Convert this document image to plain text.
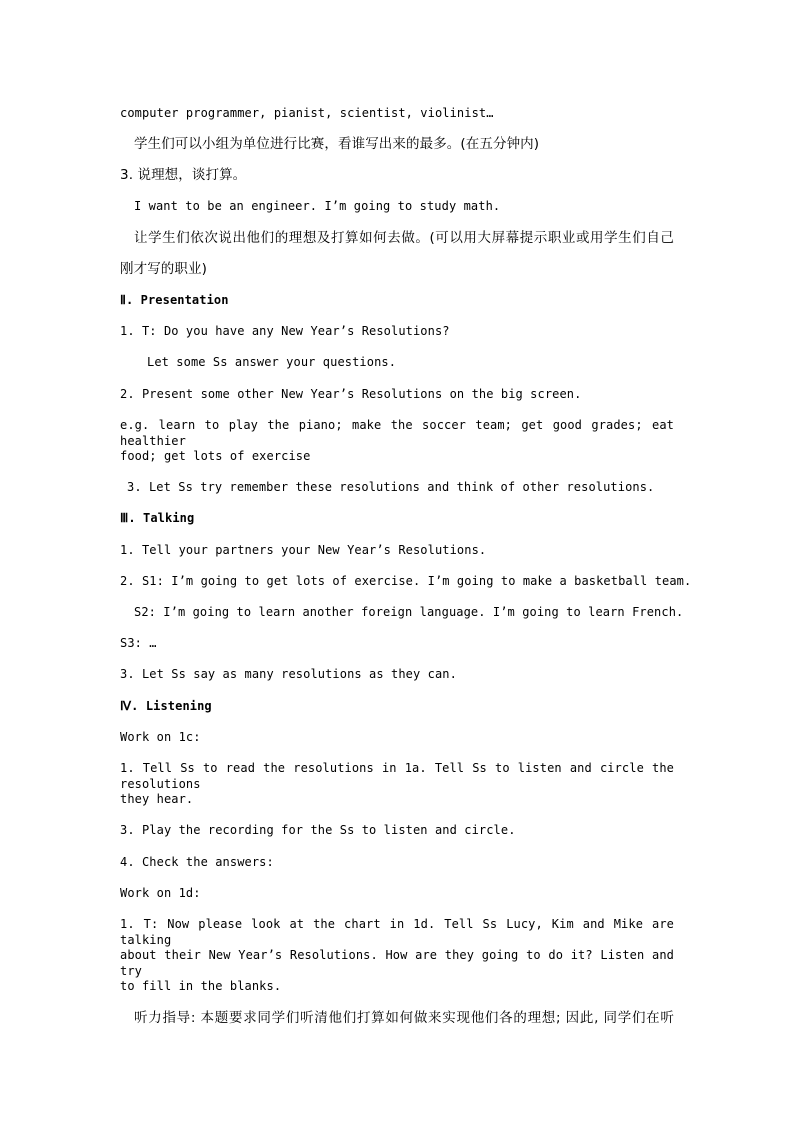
computer programmer, pianist, scientist, violinist…
学生们可以小组为单位进行比赛，看谁写出来的最多。(在五分钟内)
3. 说理想，谈打算。
I want to be an engineer. I’m going to study math.
让学生们依次说出他们的理想及打算如何去做。(可以用大屏幕提示职业或用学生们自己
刚才写的职业)
Ⅱ. Presentation
1. T: Do you have any New Year’s Resolutions?
Let some Ss answer your questions.
2. Present some other New Year’s Resolutions on the big screen.
e.g. learn to play the piano; make the soccer team; get good grades; eat healthier
food; get lots of exercise
3. Let Ss try remember these resolutions and think of other resolutions.
Ⅲ. Talking
1. Tell your partners your New Year’s Resolutions.
2. S1: I’m going to get lots of exercise. I’m going to make a basketball team.
S2: I’m going to learn another foreign language. I’m going to learn French.
S3: …
3. Let Ss say as many resolutions as they can.
Ⅳ. Listening
Work on 1c:
1. Tell Ss to read the resolutions in 1a. Tell Ss to listen and circle the resolutions
they hear.
3. Play the recording for the Ss to listen and circle.
4. Check the answers:
Work on 1d:
1. T: Now please look at the chart in 1d. Tell Ss Lucy, Kim and Mike are talking
about their New Year’s Resolutions. How are they going to do it? Listen and try
to fill in the blanks.
听力指导: 本题要求同学们听清他们打算如何做来实现他们各的理想; 因此, 同学们在听
